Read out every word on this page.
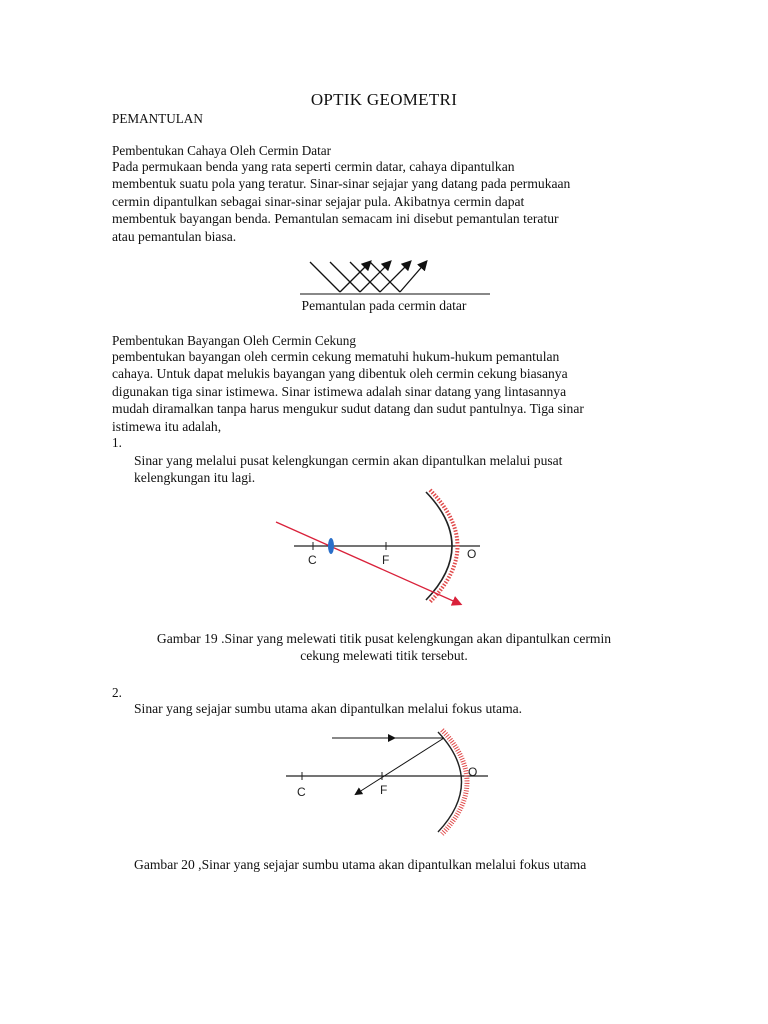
OPTIK GEOMETRI
PEMANTULAN
Pembentukan Cahaya Oleh Cermin Datar

Pada permukaan benda yang rata seperti cermin datar, cahaya dipantulkan

membentuk suatu pola yang teratur. Sinar-sinar sejajar yang datang pada permukaan

cermin dipantulkan sebagai sinar-sinar sejajar pula. Akibatnya cermin dapat

membentuk bayangan benda. Pemantulan semacam ini disebut pemantulan teratur

atau pemantulan biasa.

Pemantulan pada cermin datar
Pembentukan Bayangan Oleh Cermin Cekung

pembentukan bayangan oleh cermin cekung mematuhi hukum-hukum pemantulan

cahaya. Untuk dapat melukis bayangan yang dibentuk oleh cermin cekung biasanya

digunakan tiga sinar istimewa. Sinar istimewa adalah sinar datang yang lintasannya

mudah diramalkan tanpa harus mengukur sudut datang dan sudut pantulnya. Tiga sinar

istimewa itu adalah,

1.
Sinar yang melalui pusat kelengkungan cermin akan dipantulkan melalui pusat
kelengkungan itu lagi.
C	F	O
Gambar 19 .Sinar yang melewati titik pusat kelengkungan akan dipantulkan cermin
cekung melewati titik tersebut.
2.
Sinar yang sejajar sumbu utama akan dipantulkan melalui fokus utama.
C	F
O
Gambar 20 ,Sinar yang sejajar sumbu utama akan dipantulkan melalui fokus utama
